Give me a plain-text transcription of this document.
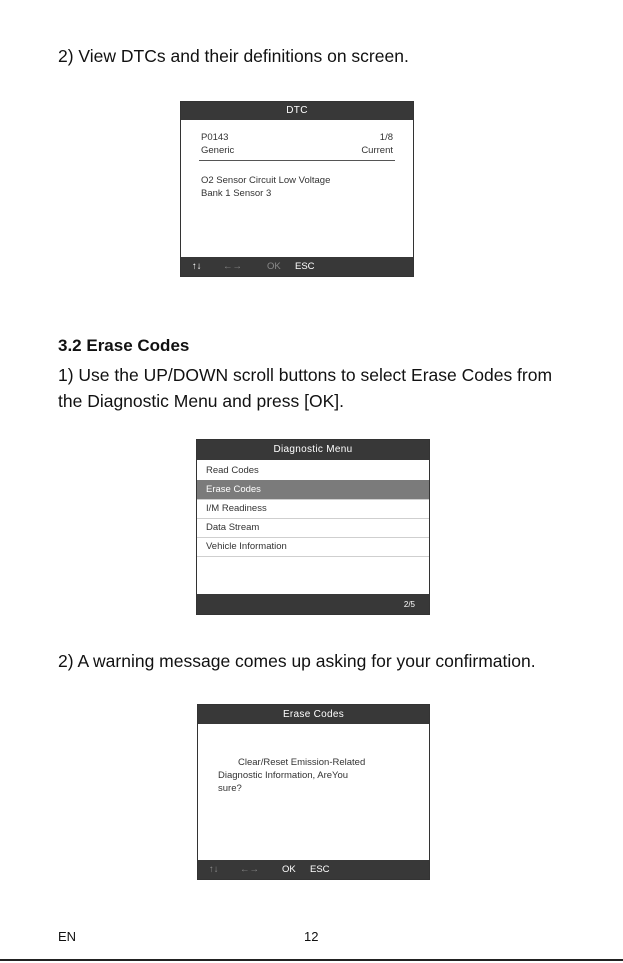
2) View DTCs and their definitions on screen.
DTC
P0143	1/8
Generic	Current
O2 Sensor Circuit Low Voltage
Bank 1 Sensor 3
↑↓ ←→	OK ESC
3.2 Erase Codes
1) Use the UP/DOWN scroll buttons to select Erase Codes from
the Diagnostic Menu and press [OK].
Diagnostic Menu
Read Codes
Erase Codes
I/M Readiness
Data Stream
Vehicle Information
2/5
2) A warning message comes up asking for your confirmation.
Erase Codes
Clear/Reset Emission-Related
Diagnostic Information, AreYou
sure?
↑↓ ←→ OK ESC
EN	12
